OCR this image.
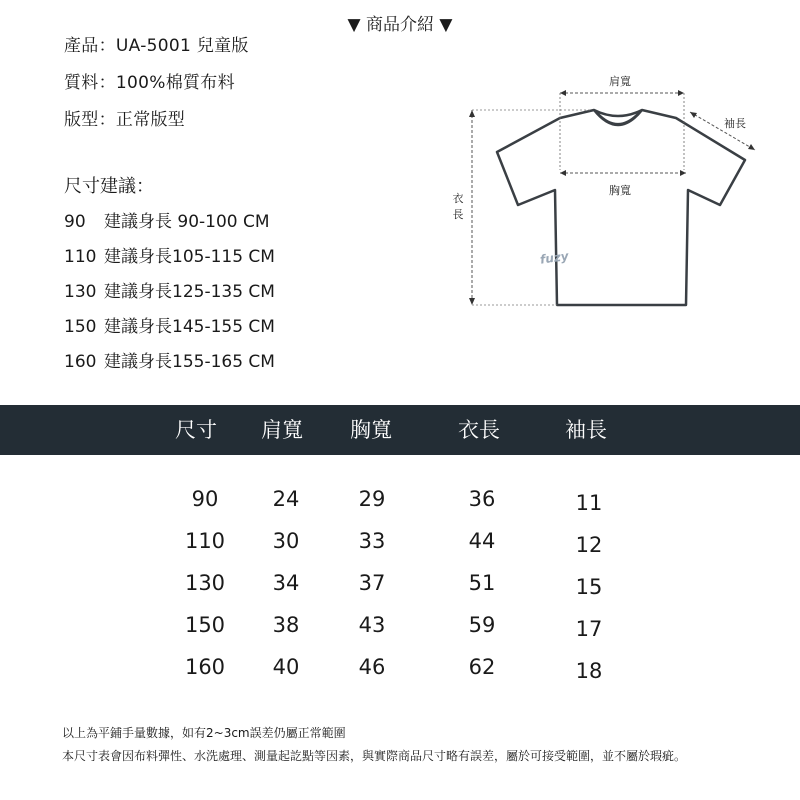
▼ 商品介紹 ▼
產品：UA-5001 兒童版
質料：100%棉質布料
版型：正常版型
尺寸建議：
90 建議身長 90-100 CM
110 建議身長105-115 CM
130 建議身長125-135 CM
150 建議身長145-155 CM
160 建議身長155-165 CM
肩寬
袖長
胸寬
衣
長
fuzy
尺寸 肩寬 胸寬	衣長	袖長
90	24	29	36	11
110	30	33	44	12
130	34	37	51	15
150	38	43	59	17
160	40	46	62	18
以上為平鋪手量數據，如有2~3cm誤差仍屬正常範圍
本尺寸表會因布料彈性、水洗處理、測量起訖點等因素，與實際商品尺寸略有誤差，屬於可接受範圍，並不屬於瑕疵。
